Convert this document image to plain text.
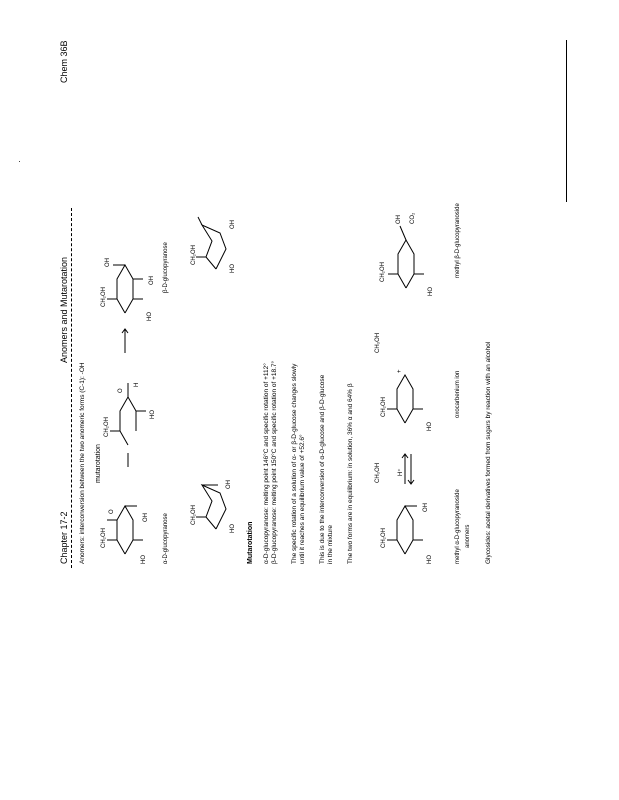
Chapter 17-2
Anomers and Mutarotation
Chem 36B
Anomers: interconversion between the two anomeric forms (C-1): -OH mutarotation
CH₂OH
HO
OH
O
CH₂OH
O
H
HO
CH₂OH
OH
HO
OH
α-D-glucopyranose
β-D-glucopyranose
CH₂OH
HO
OH
CH₂OH
HO
OH
Mutarotation α-D-glucopyranose: melting point 146°C and specific rotation of +112° β-D-glucopyranose: melting point 150°C and specific rotation of +18.7° The specific rotation of a solution of α- or β-D-glucose changes slowly until it reaches an equilibrium value of +52.6° This is due to the interconversion of α-D-glucose and β-D-glucose in the mixture The two forms are in equilibrium: in solution, 36% α and 64% β	CH₂OH
HO
OH
CH₂OH
HO
+
CH₂OH
OH
HO
CO₂
CH₃OH	H⁺
CH₃OH
methyl α-D-glucopyranoside anomers
oxocarbenium ion
methyl β-D-glucopyranoside
Glycosides: acetal derivatives formed from sugars by reaction with an alcohol
